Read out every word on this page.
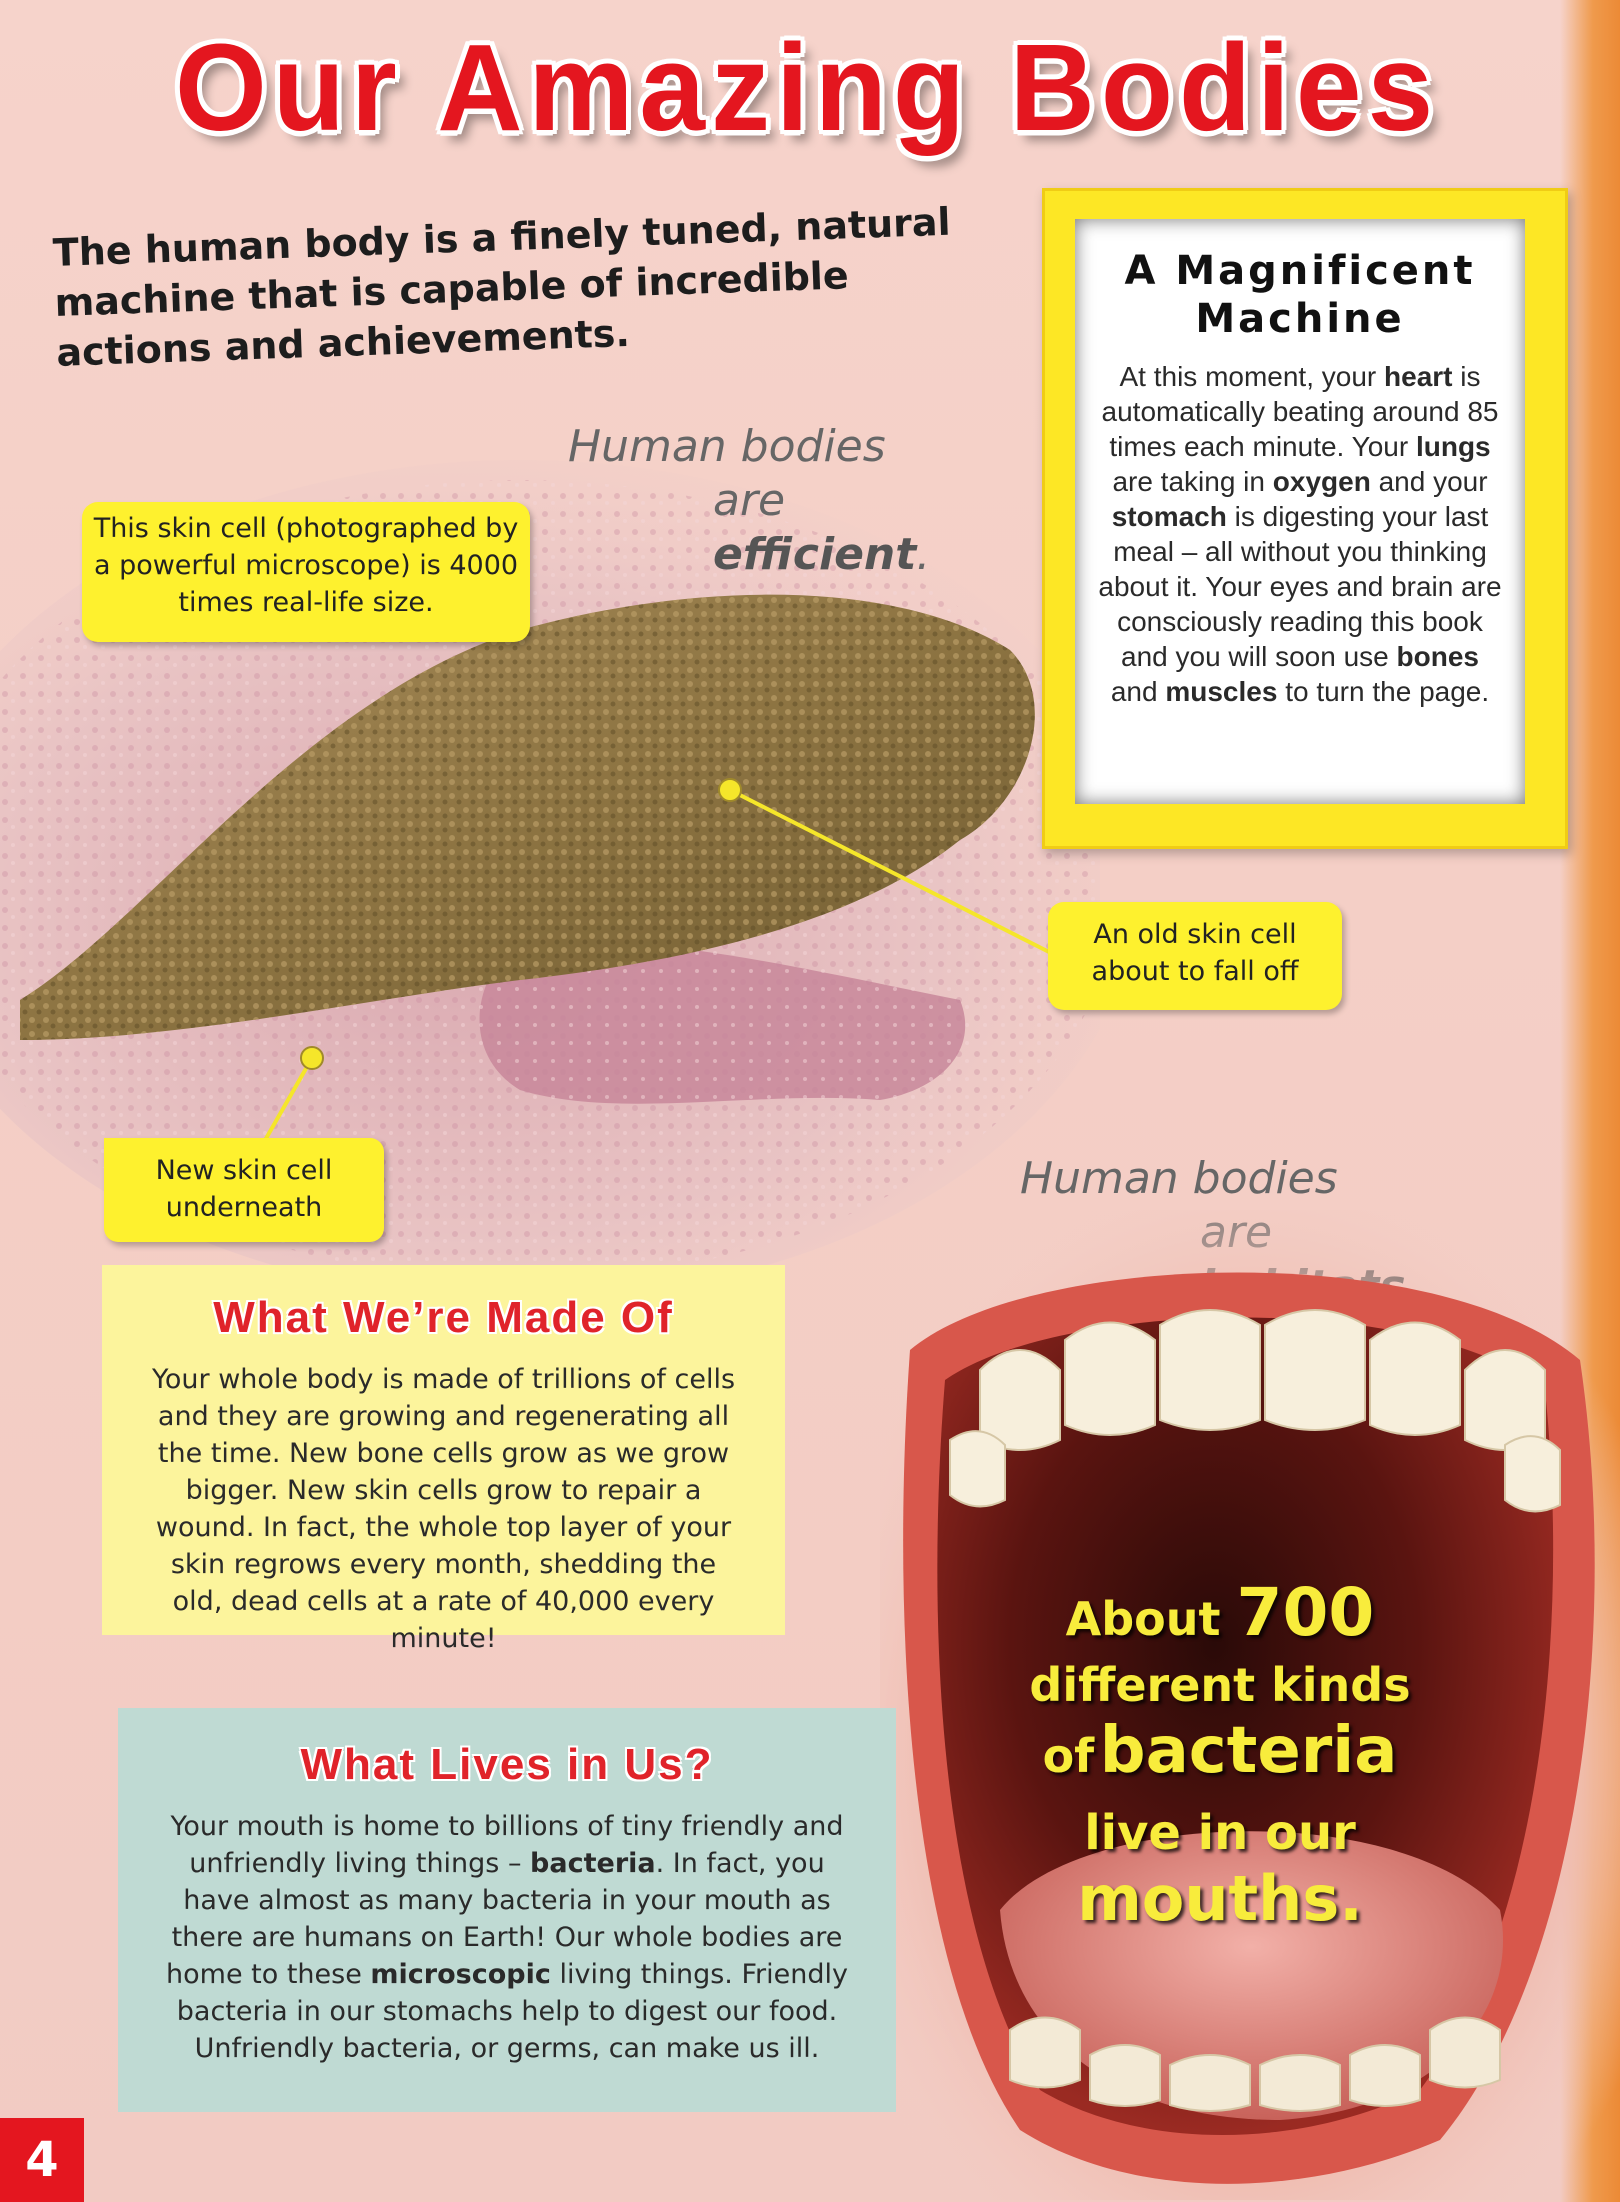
Our Amazing Bodies
The human body is a finely tuned, natural machine that is capable of incredible actions and achievements.
Human bodies
are efficient.
This skin cell (photographed by a powerful microscope) is 4000 times real-life size.
An old skin cell about to fall off
New skin cell underneath
A Magnificent Machine

At this moment, your heart is automatically beating around 85 times each minute. Your lungs are taking in oxygen and your stomach is digesting your last meal – all without you thinking about it. Your eyes and brain are consciously reading this book and you will soon use bones and muscles to turn the page.

Human bodies
What We’re Made Of
Your whole body is made of trillions of cells and they are growing and regenerating all the time. New bone cells grow as we grow bigger. New skin cells grow to repair a wound. In fact, the whole top layer of your skin regrows every month, shedding the old, dead cells at a rate of 40,000 every minute!
What Lives in Us?
Your mouth is home to billions of tiny friendly and unfriendly living things – bacteria. In fact, you have almost as many bacteria in your mouth as there are humans on Earth! Our whole bodies are home to these microscopic living things. Friendly bacteria in our stomachs help to digest our food. Unfriendly bacteria, or germs, can make us ill.
About 700
different kinds
of bacteria
live in our
mouths.
4
